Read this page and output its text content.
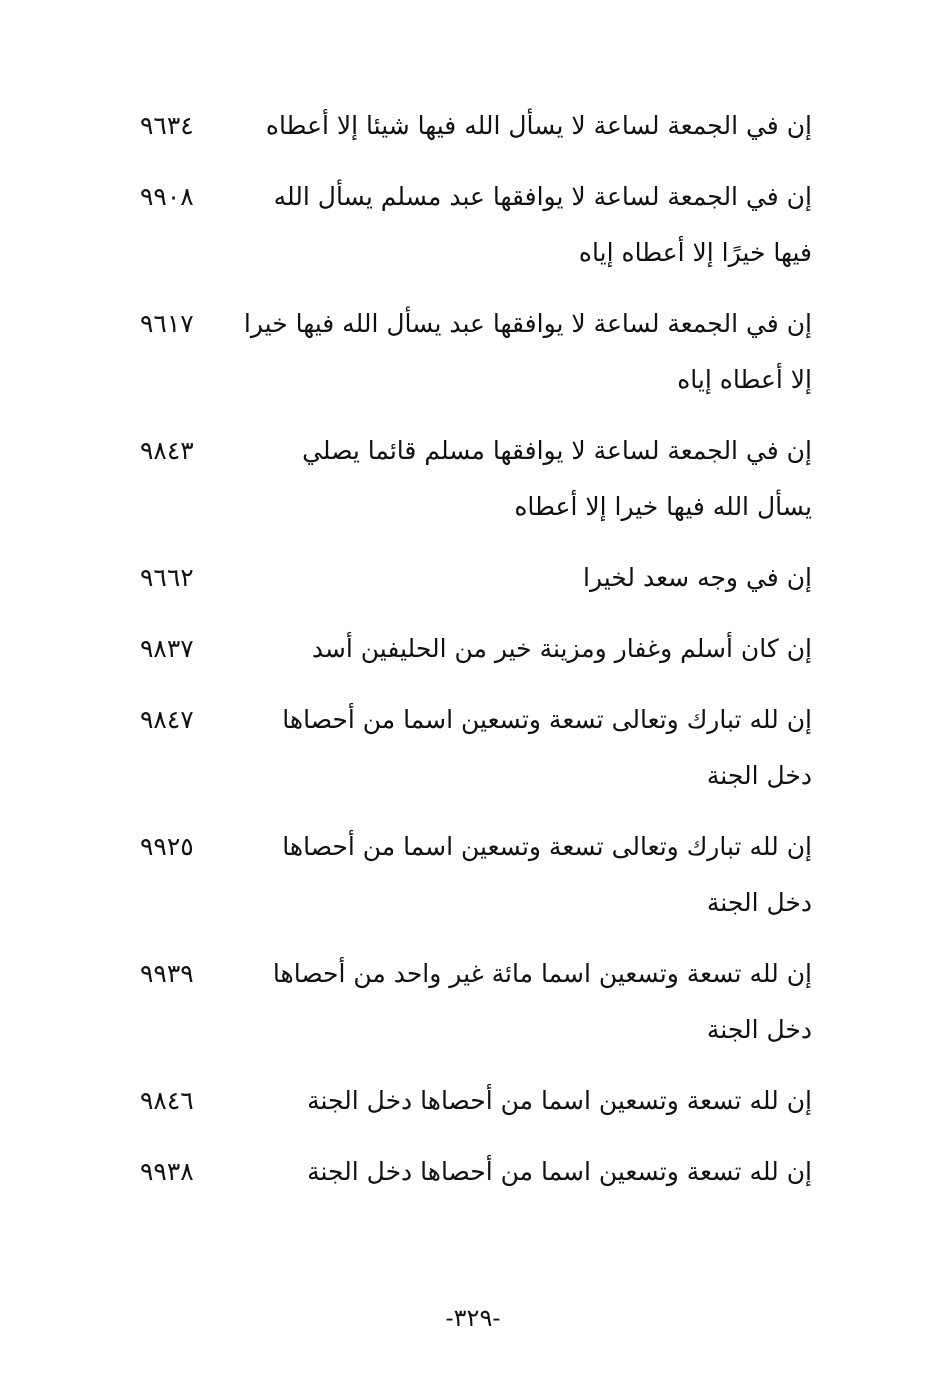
إن في الجمعة لساعة لا يسأل الله فيها شيئا إلا أعطاه
٩٦٣٤
إن في الجمعة لساعة لا يوافقها عبد مسلم يسأل الله فيها خيرًا إلا أعطاه إياه
٩٩٠٨
إن في الجمعة لساعة لا يوافقها عبد يسأل الله فيها خيرا إلا أعطاه إياه
٩٦١٧
إن في الجمعة لساعة لا يوافقها مسلم قائما يصلي يسأل الله فيها خيرا إلا أعطاه
٩٨٤٣
إن في وجه سعد لخيرا
٩٦٦٢
إن كان أسلم وغفار ومزينة خير من الحليفين أسد
٩٨٣٧
إن لله تبارك وتعالى تسعة وتسعين اسما من أحصاها دخل الجنة
٩٨٤٧
إن لله تبارك وتعالى تسعة وتسعين اسما من أحصاها دخل الجنة
٩٩٢٥
إن لله تسعة وتسعين اسما مائة غير واحد من أحصاها دخل الجنة
٩٩٣٩
إن لله تسعة وتسعين اسما من أحصاها دخل الجنة
٩٨٤٦
إن لله تسعة وتسعين اسما من أحصاها دخل الجنة
٩٩٣٨
-٣٢٩-
